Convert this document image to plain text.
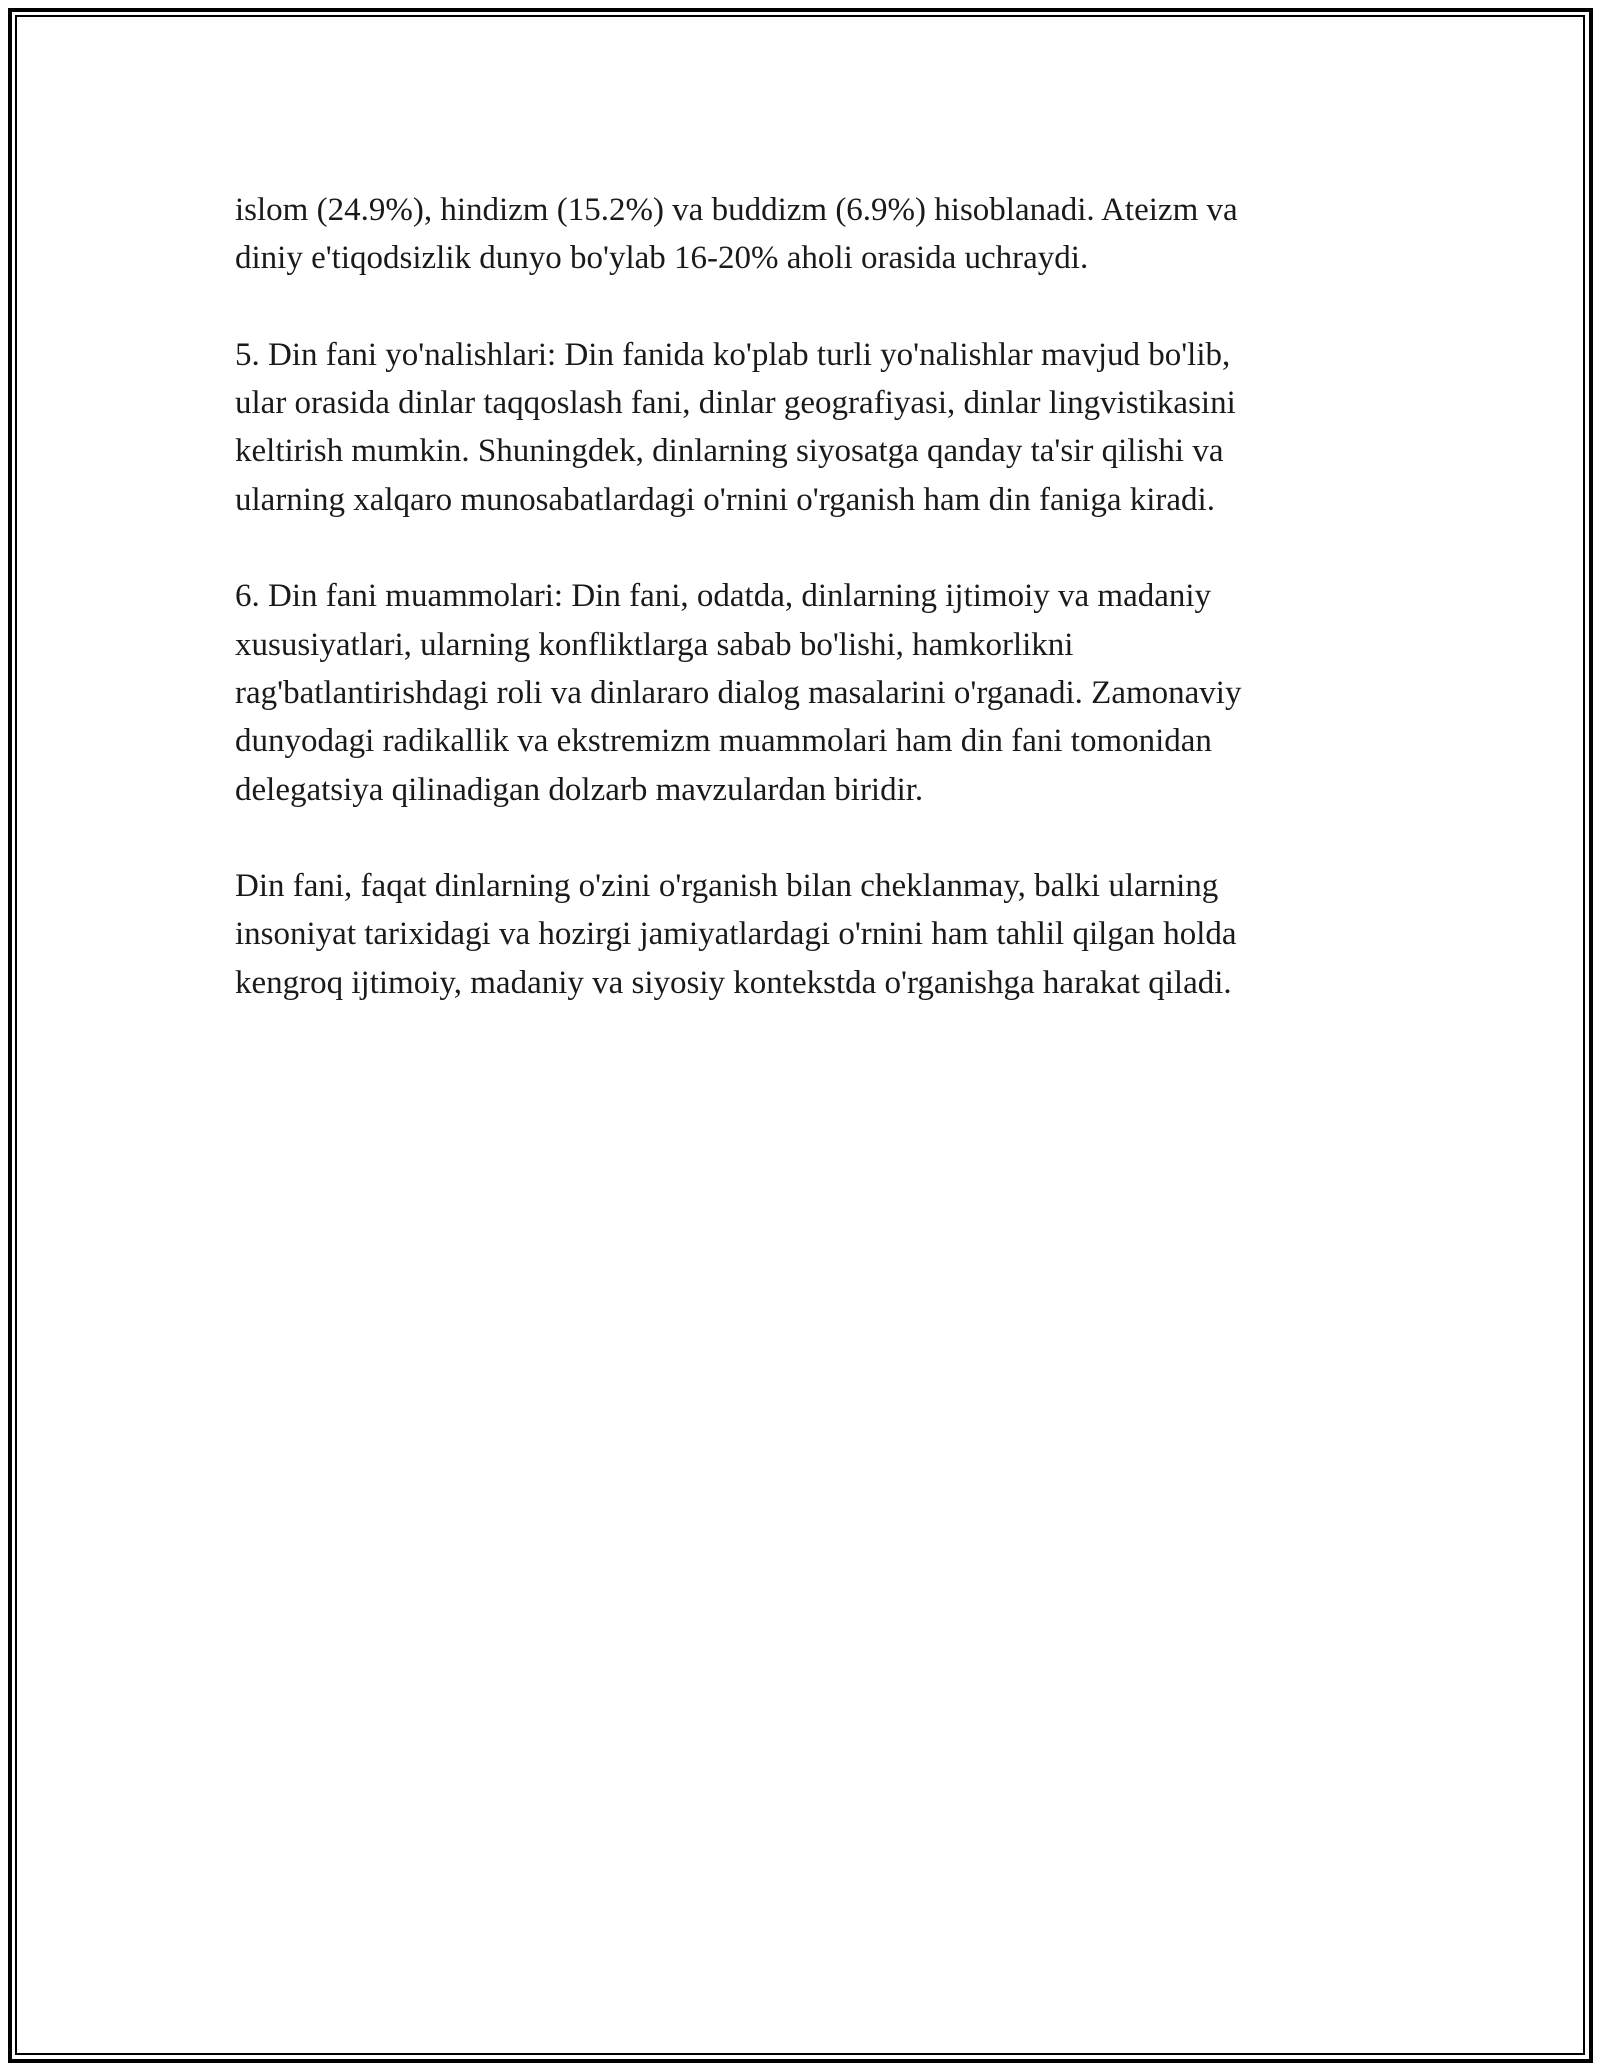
islom (24.9%), hindizm (15.2%) va buddizm (6.9%) hisoblanadi. Ateizm va
diniy e'tiqodsizlik dunyo bo'ylab 16-20% aholi orasida uchraydi.

5. Din fani yo'nalishlari: Din fanida ko'plab turli yo'nalishlar mavjud bo'lib,
ular orasida dinlar taqqoslash fani, dinlar geografiyasi, dinlar lingvistikasini
keltirish mumkin. Shuningdek, dinlarning siyosatga qanday ta'sir qilishi va
ularning xalqaro munosabatlardagi o'rnini o'rganish ham din faniga kiradi.

6. Din fani muammolari: Din fani, odatda, dinlarning ijtimoiy va madaniy
xususiyatlari, ularning konfliktlarga sabab bo'lishi, hamkorlikni
rag'batlantirishdagi roli va dinlararo dialog masalarini o'rganadi. Zamonaviy
dunyodagi radikallik va ekstremizm muammolari ham din fani tomonidan
delegatsiya qilinadigan dolzarb mavzulardan biridir.

Din fani, faqat dinlarning o'zini o'rganish bilan cheklanmay, balki ularning
insoniyat tarixidagi va hozirgi jamiyatlardagi o'rnini ham tahlil qilgan holda
kengroq ijtimoiy, madaniy va siyosiy kontekstda o'rganishga harakat qiladi.
